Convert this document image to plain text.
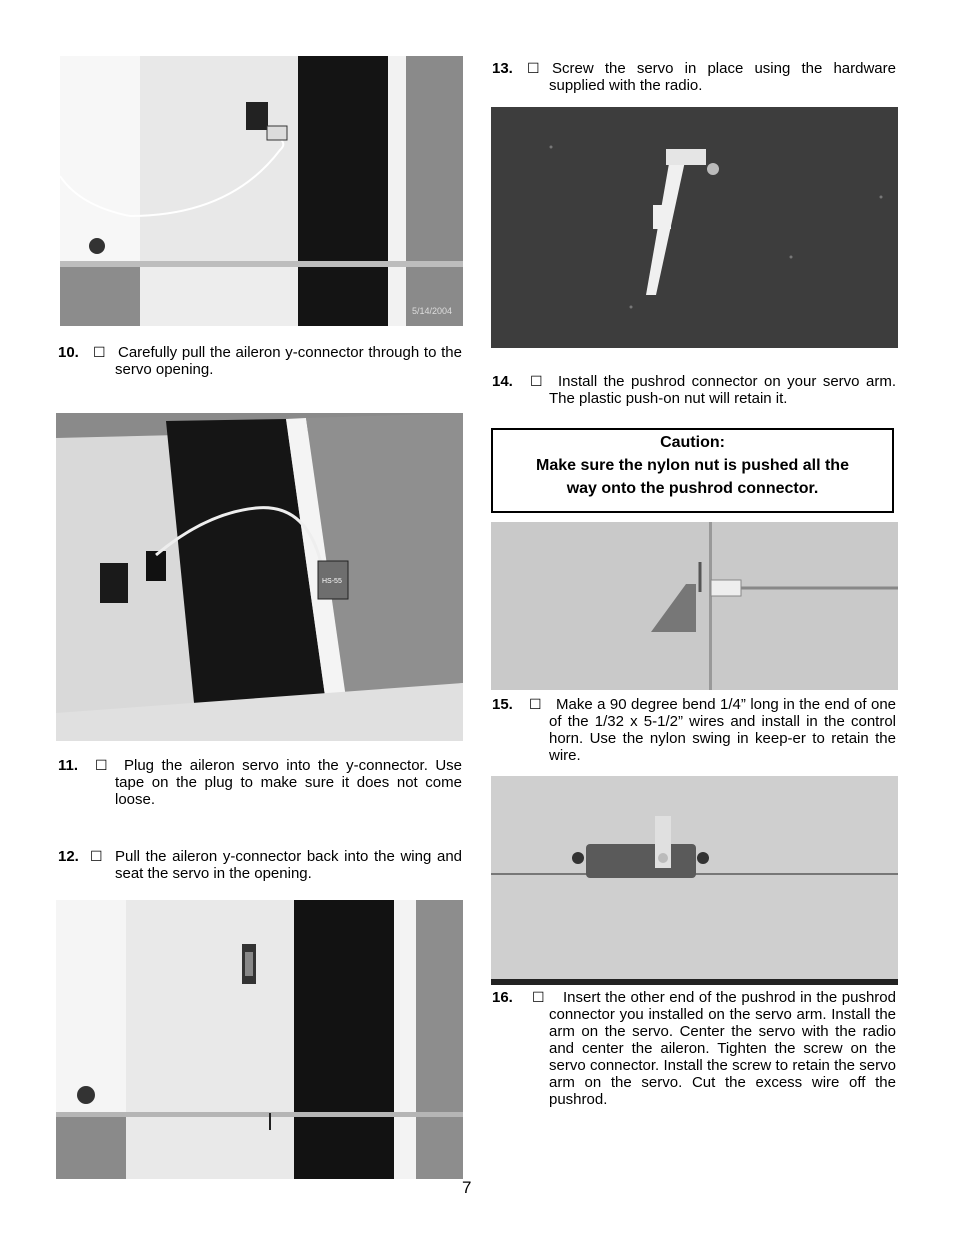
5/14/2004
10. ☐ Carefully pull the aileron y-connector through to the servo opening.
HS-55
11. ☐	Plug the aileron servo into the y-connector. Use tape on the plug to make sure it does not come loose.
12. ☐ Pull the aileron y-connector back into the wing and seat the servo in the opening.
13. ☐ Screw the servo in place using the hardware supplied with the radio.
14. ☐	Install the pushrod connector on your servo arm. The plastic push-on nut will retain it.
Caution:
Make sure the nylon nut is pushed all the
way onto the pushrod connector.
15. ☐ Make a 90 degree bend 1/4” long in the end of one of the 1/32 x 5-1/2” wires and install in the control horn. Use the nylon swing in keep-er to retain the wire.
16. ☐	Insert the other end of the pushrod in the pushrod connector you installed on the servo arm. Install the arm on the servo. Center the servo with the radio and center the aileron. Tighten the screw on the servo connector. Install the screw to retain the servo arm on the servo. Cut the excess wire off the pushrod.
7
